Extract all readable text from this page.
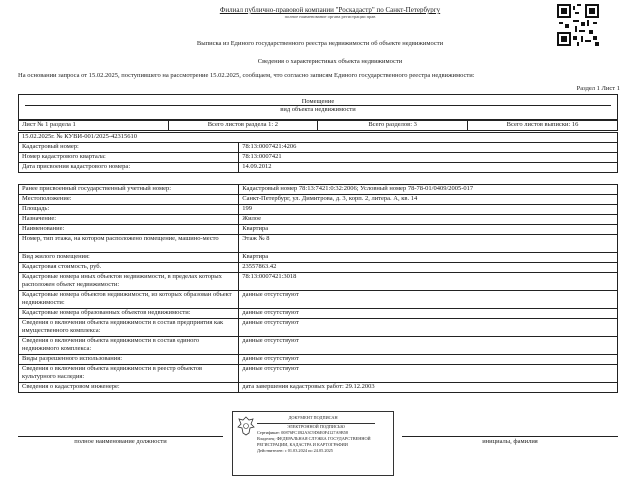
Филиал публично-правовой компании "Роскадастр" по Санкт-Петербургу
полное наименование органа регистрации прав
Выписка из Единого государственного реестра недвижимости об объекте недвижимости
Сведения о характеристиках объекта недвижимости
На основании запроса от 15.02.2025, поступившего на рассмотрение 15.02.2025, сообщаем, что согласно записям Единого государственного реестра недвижимости:
Раздел 1 Лист 1
Помещение
вид объекта недвижимости
Лист № 1 раздела 1	Всего листов раздела 1: 2	Всего разделов: 3	Всего листов выписки: 16
15.02.2025г. № КУВИ-001/2025-42315610	
Кадастровый номер:	78:13:0007421:4206
Номер кадастрового квартала:	78:13:0007421
Дата присвоения кадастрового номера:	14.09.2012
Ранее присвоенный государственный учетный номер:	Кадастровый номер 78:13:7421:0:32:2006; Условный номер 78-78-01/0409/2005-017
Местоположение:	Санкт-Петербург, ул. Димитрова, д. 3, корп. 2, литера. А, кв. 14
Площадь:	199
Назначение:	Жилое
Наименование:	Квартира
Номер, тип этажа, на котором расположено помещение, машино-место	Этаж № 8
Вид жилого помещения:	Квартира
Кадастровая стоимость, руб.	23557863.42
Кадастровые номера иных объектов недвижимости, в пределах которых расположен объект недвижимости:	78:13:0007421:3018
Кадастровые номера объектов недвижимости, из которых образован объект недвижимости:	данные отсутствуют
Кадастровые номера образованных объектов недвижимости:	данные отсутствуют
Сведения о включении объекта недвижимости в состав предприятия как имущественного комплекса:	данные отсутствуют
Сведения о включении объекта недвижимости в состав единого недвижимого комплекса:	данные отсутствуют
Виды разрешенного использования:	данные отсутствуют
Сведения о включении объекта недвижимости в реестр объектов культурного наследия:	данные отсутствуют
Сведения о кадастровом инженере:	дата завершения кадастровых работ: 29.12.2003
ДОКУМЕНТ ПОДПИСАН
ЭЛЕКТРОННОЙ ПОДПИСЬЮ
Сертификат: 00876FC1B2A3C9D6E0F4127A9B58
Владелец: ФЕДЕРАЛЬНАЯ СЛУЖБА ГОСУДАРСТВЕННОЙ
РЕГИСТРАЦИИ, КАДАСТРА И КАРТОГРАФИИ
Действителен: с 01.03.2024 по 24.05.2025
полное наименование должности	инициалы, фамилия
